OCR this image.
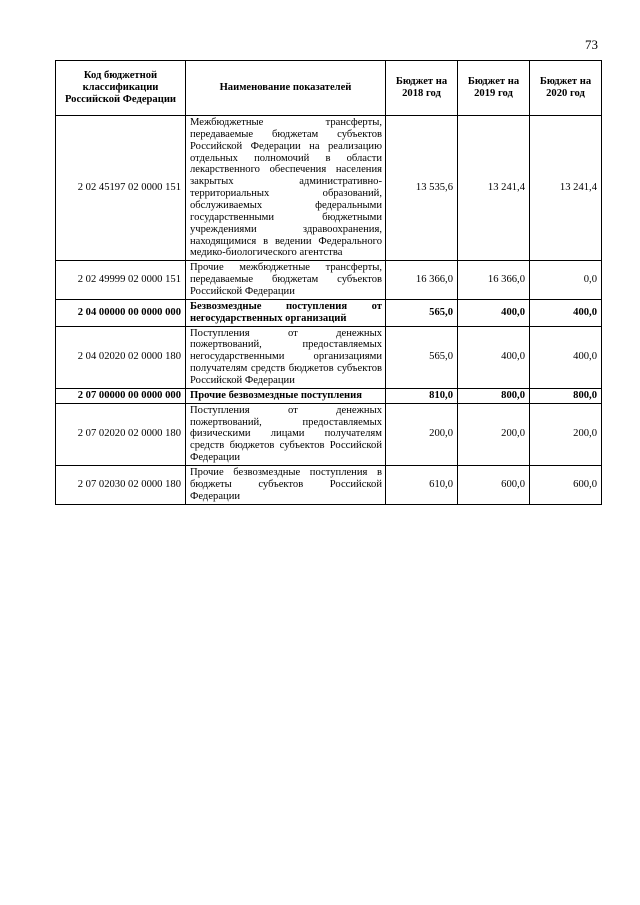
73
Код бюджетной классификации Российской Федерации	Наименование показателей	Бюджет на 2018 год	Бюджет на 2019 год	Бюджет на 2020 год
2 02 45197 02 0000 151	Межбюджетные трансферты, передаваемые бюджетам субъектов Российской Федерации на реализацию отдельных полномочий в области лекарственного обеспечения населения закрытых административно-территориальных образований, обслуживаемых федеральными государственными бюджетными учреждениями здравоохранения, находящимися в ведении Федерального медико-биологического агентства	13 535,6	13 241,4	13 241,4
2 02 49999 02 0000 151	Прочие межбюджетные трансферты, передаваемые бюджетам субъектов Российской Федерации	16 366,0	16 366,0	0,0
2 04 00000 00 0000 000	Безвозмездные поступления от негосударственных организаций	565,0	400,0	400,0
2 04 02020 02 0000 180	Поступления от денежных пожертвований, предоставляемых негосударственными организациями получателям средств бюджетов субъектов Российской Федерации	565,0	400,0	400,0
2 07 00000 00 0000 000	Прочие безвозмездные поступления	810,0	800,0	800,0
2 07 02020 02 0000 180	Поступления от денежных пожертвований, предоставляемых физическими лицами получателям средств бюджетов субъектов Российской Федерации	200,0	200,0	200,0
2 07 02030 02 0000 180	Прочие безвозмездные поступления в бюджеты субъектов Российской Федерации	610,0	600,0	600,0
